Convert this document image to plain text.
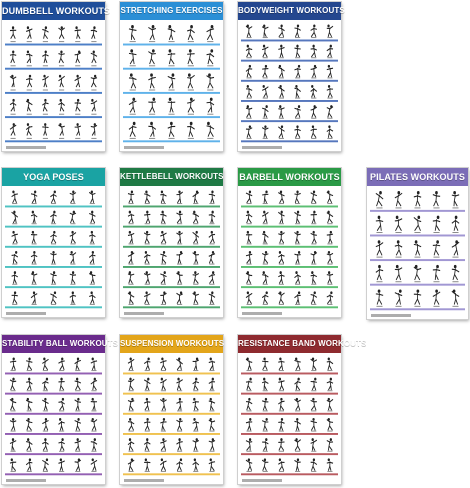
DUMBBELL WORKOUTS STRETCHING EXERCISES BODYWEIGHT WORKOUTS
YOGA POSES	KETTLEBELL WORKOUTS BARBELL WORKOUTS	PILATES WORKOUTS
STABILITY BALL WORKOUTS SUSPENSION WORKOUTS RESISTANCE BAND WORKOUTS
